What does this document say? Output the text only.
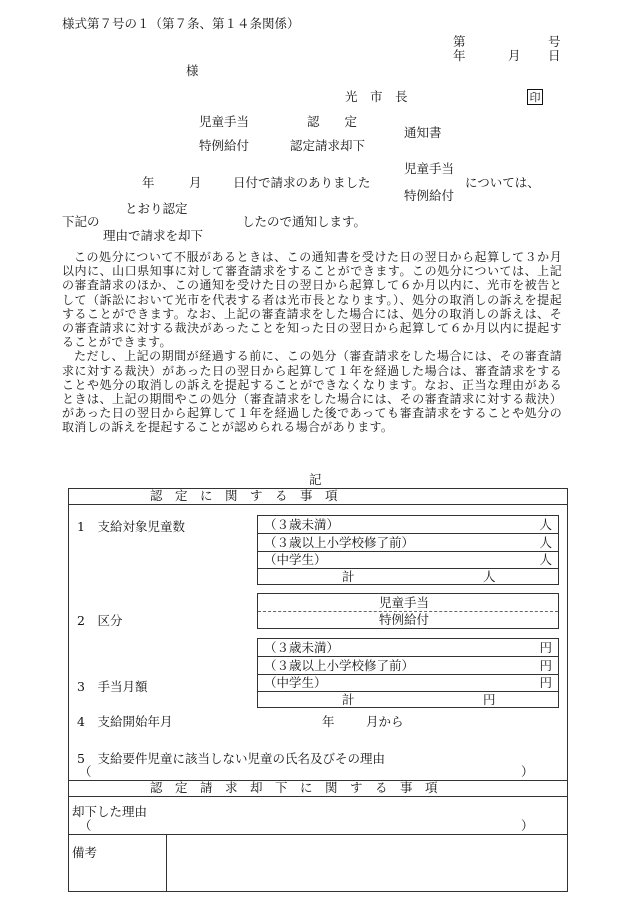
様式第７号の１（第７条、第１４条関係）
第	号
年	月 日
様
光　市　長	印
児童手当	認　　定
特例給付	認定請求却下
通知書
児童手当
年	月	日付で請求のありました	については、
特例給付
とおり認定
下記の	したので通知します。
理由で請求を却下

この処分について不服があるときは、この通知書を受けた日の翌日から起算して３か月以内に、山口県知事に対して審査請求をすることができます。この処分については、上記の審査請求のほか、この通知を受けた日の翌日から起算して６か月以内に、光市を被告として（訴訟において光市を代表する者は光市長となります。）、処分の取消しの訴えを提起することができます。なお、上記の審査請求をした場合には、処分の取消しの訴えは、その審査請求に対する裁決があったことを知った日の翌日から起算して６か月以内に提起することができます。

ただし、上記の期間が経過する前に、この処分（審査請求をした場合には、その審査請求に対する裁決）があった日の翌日から起算して１年を経過した場合は、審査請求をすることや処分の取消しの訴えを提起することができなくなります。なお、正当な理由があるときは、上記の期間やこの処分（審査請求をした場合には、その審査請求に対する裁決）があった日の翌日から起算して１年を経過した後であっても審査請求をすることや処分の取消しの訴えを提起することが認められる場合があります。

記
認　定　に　関　す　る　事　項
1　支給対象児童数	（３歳未満）	人
（３歳以上小学校修了前）	人
（中学生）	人
計	人
2　区分
児童手当
特例給付
3　手当月額
（３歳未満）	円
（３歳以上小学校修了前）	円
（中学生）	円
計	円
4　支給開始年月	年	月から
5　支給要件児童に該当しない児童の氏名及びその理由
（	）
認　定　請　求　却　下　に　関　す　る　事　項
却下した理由
（	）
備考
